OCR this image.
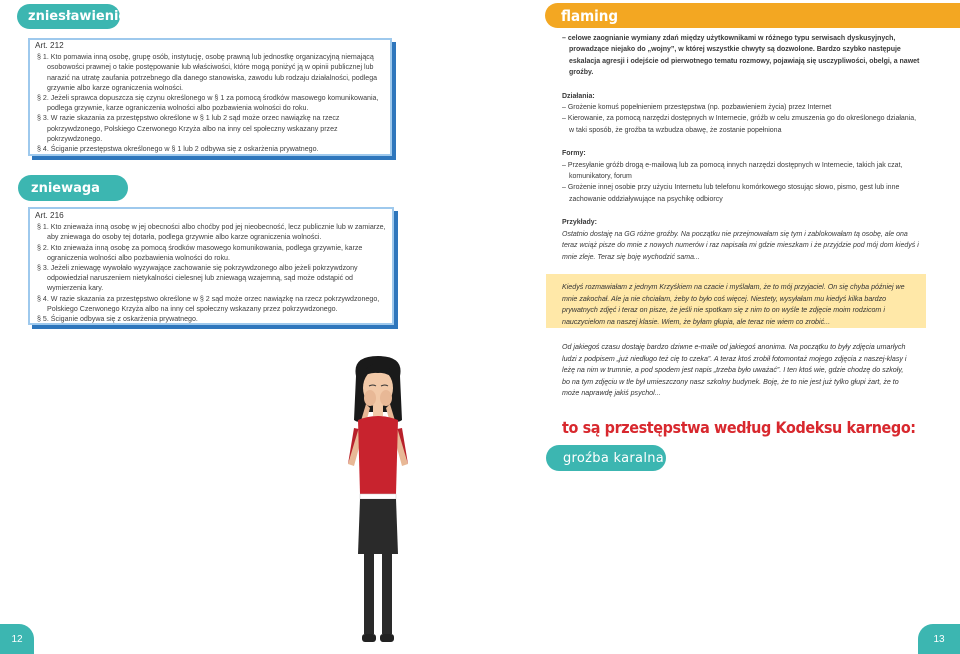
zniesławienie
Art. 212
§ 1. Kto pomawia inną osobę, grupę osób, instytucję, osobę prawną lub jednostkę organizacyjną niemającą osobowości prawnej o takie postępowanie lub właściwości, które mogą poniżyć ją w opinii publicznej lub narazić na utratę zaufania potrzebnego dla danego stanowiska, zawodu lub rodzaju działalności, podlega grzywnie albo karze ograniczenia wolności.
§ 2. Jeżeli sprawca dopuszcza się czynu określonego w § 1 za pomocą środków masowego komunikowania, podlega grzywnie, karze ograniczenia wolności albo pozbawienia wolności do roku.
§ 3. W razie skazania za przestępstwo określone w § 1 lub 2 sąd może orzec nawiązkę na rzecz pokrzywdzonego, Polskiego Czerwonego Krzyża albo na inny cel społeczny wskazany przez pokrzywdzonego.
§ 4. Ściganie przestępstwa określonego w § 1 lub 2 odbywa się z oskarżenia prywatnego.
zniewaga
Art. 216
§ 1. Kto znieważa inną osobę w jej obecności albo choćby pod jej nieobecność, lecz publicznie lub w zamiarze, aby zniewaga do osoby tej dotarła, podlega grzywnie albo karze ograniczenia wolności.
§ 2. Kto znieważa inną osobę za pomocą środków masowego komunikowania, podlega grzywnie, karze ograniczenia wolności albo pozbawienia wolności do roku.
§ 3. Jeżeli zniewagę wywołało wyzywające zachowanie się pokrzywdzonego albo jeżeli pokrzywdzony odpowiedział naruszeniem nietykalności cielesnej lub zniewagą wzajemną, sąd może odstąpić od wymierzenia kary.
§ 4. W razie skazania za przestępstwo określone w § 2 sąd może orzec nawiązkę na rzecz pokrzywdzonego, Polskiego Czerwonego Krzyża albo na inny cel społeczny wskazany przez pokrzywdzonego.
§ 5. Ściganie odbywa się z oskarżenia prywatnego.
12
flaming
– celowe zaognianie wymiany zdań między użytkownikami w różnego typu serwisach dyskusyjnych, prowadzące niejako do „wojny”, w której wszystkie chwyty są dozwolone. Bardzo szybko następuje eskalacja agresji i odejście od pierwotnego tematu rozmowy, pojawiają się usczypliwości, obelgi, a nawet groźby.
Działania:
– Grożenie komuś popełnieniem przestępstwa (np. pozbawieniem życia) przez Internet
– Kierowanie, za pomocą narzędzi dostępnych w Internecie, gróźb w celu zmuszenia go do określonego działania, w taki sposób, że groźba ta wzbudza obawę, że zostanie popełniona
Formy:
– Przesyłanie gróźb drogą e-mailową lub za pomocą innych narzędzi dostępnych w Internecie, takich jak czat, komunikatory, forum
– Grożenie innej osobie przy użyciu Internetu lub telefonu komórkowego stosując słowo, pismo, gest lub inne zachowanie oddziaływujące na psychikę odbiorcy
Przykłady:
Ostatnio dostaję na GG różne groźby. Na początku nie przejmowałam się tym i zablokowałam tą osobę, ale ona teraz wciąż pisze do mnie z nowych numerów i raz napisała mi gdzie mieszkam i że przyjdzie pod mój dom kiedyś i mnie zleje. Teraz się boję wychodzić sama...
Kiedyś rozmawiałam z jednym Krzyśkiem na czacie i myślałam, że to mój przyjaciel. On się chyba później we mnie zakochał. Ale ja nie chciałam, żeby to było coś więcej. Niestety, wysyłałam mu kiedyś kilka bardzo prywatnych zdjęć i teraz on pisze, że jeśli nie spotkam się z nim to on wyśle te zdjęcie moim rodzicom i nauczycielom na naszej klasie. Wiem, że byłam głupia, ale teraz nie wiem co zrobić...
Od jakiegoś czasu dostaję bardzo dziwne e-maile od jakiegoś anonima. Na początku to były zdjęcia umarłych ludzi z podpisem „już niedługo też cię to czeka”. A teraz ktoś zrobił fotomontaż mojego zdjęcia z naszej-klasy i leżę na nim w trumnie, a pod spodem jest napis „trzeba było uważać”. I ten ktoś wie, gdzie chodzę do szkoły, bo na tym zdjęciu w tle był umieszczony nasz szkolny budynek. Boję, że to nie jest już tylko głupi żart, że to może naprawdę jakiś psychol...
to są przestępstwa według Kodeksu karnego:
groźba karalna
13
